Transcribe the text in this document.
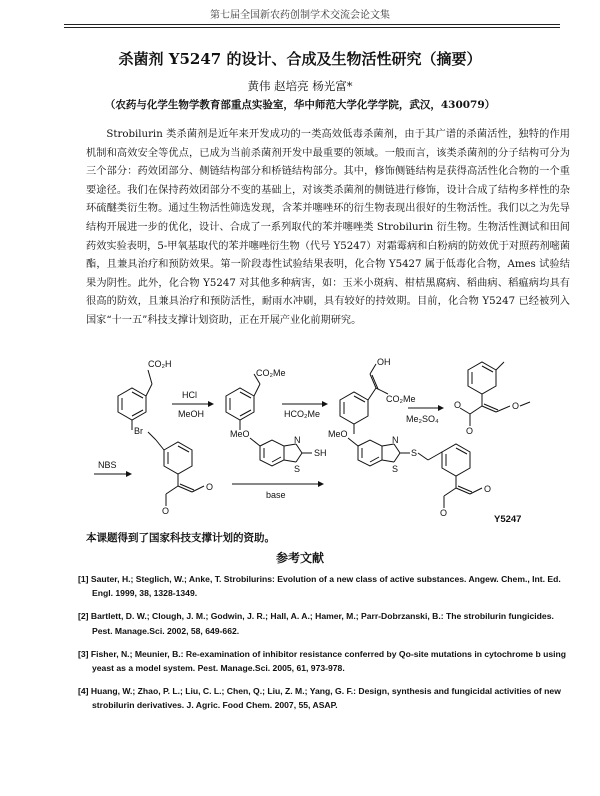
第七届全国新农药创制学术交流会论文集
杀菌剂 Y5247 的设计、合成及生物活性研究（摘要）
黄伟 赵培亮 杨光富*
（农药与化学生物学教育部重点实验室，华中师范大学化学学院，武汉，430079）

Strobilurin 类杀菌剂是近年来开发成功的一类高效低毒杀菌剂，由于其广谱的杀菌活性，独特的作用机制和高效安全等优点，已成为当前杀菌剂开发中最重要的领域。一般而言，该类杀菌剂的分子结构可分为三个部分：药效团部分、侧链结构部分和桥链结构部分。其中，修饰侧链结构是获得高活性化合物的一个重要途径。我们在保持药效团部分不变的基础上，对该类杀菌剂的侧链进行修饰，设计合成了结构多样性的杂环硫醚类衍生物。通过生物活性筛选发现，含苯并噻唑环的衍生物表现出很好的生物活性。我们以之为先导结构开展进一步的优化，设计、合成了一系列取代的苯并噻唑类 Strobilurin 衍生物。生物活性测试和田间药效实验表明，5-甲氧基取代的苯并噻唑衍生物（代号 Y5247）对霜霉病和白粉病的防效优于对照药剂嘧菌酯，且兼具治疗和预防效果。第一阶段毒性试验结果表明，化合物 Y5427 属于低毒化合物，Ames 试验结果为阴性。此外，化合物 Y5247 对其他多种病害，如：玉米小斑病、柑桔黑腐病、稻曲病、稻瘟病均具有很高的防效，且兼具治疗和预防活性，耐雨水冲刷，具有较好的持效期。目前，化合物 Y5247 已经被列入国家“十一五”科技支撑计划资助，正在开展产业化前期研究。

CO₂H
HCl
MeOH
CO₂Me
HCO₂Me
OH
CO₂Me
Me₂SO₄
O
O
O
NBS
Br
O
O
MeO
N
S
SH
base
MeO
N
S
S
O
O
Y5247
本课题得到了国家科技支撑计划的资助。
参考文献
[1] Sauter, H.; Steglich, W.; Anke, T. Strobilurins: Evolution of a new class of active substances. Angew. Chem., Int. Ed. Engl. 1999, 38, 1328-1349.
[2] Bartlett, D. W.; Clough, J. M.; Godwin, J. R.; Hall, A. A.; Hamer, M.; Parr-Dobrzanski, B.: The strobilurin fungicides. Pest. Manage.Sci. 2002, 58, 649-662.
[3] Fisher, N.; Meunier, B.: Re-examination of inhibitor resistance conferred by Qo-site mutations in cytochrome b using yeast as a model system. Pest. Manage.Sci. 2005, 61, 973-978.
[4] Huang, W.; Zhao, P. L.; Liu, C. L.; Chen, Q.; Liu, Z. M.; Yang, G. F.: Design, synthesis and fungicidal activities of new strobilurin derivatives. J. Agric. Food Chem. 2007, 55, ASAP.
